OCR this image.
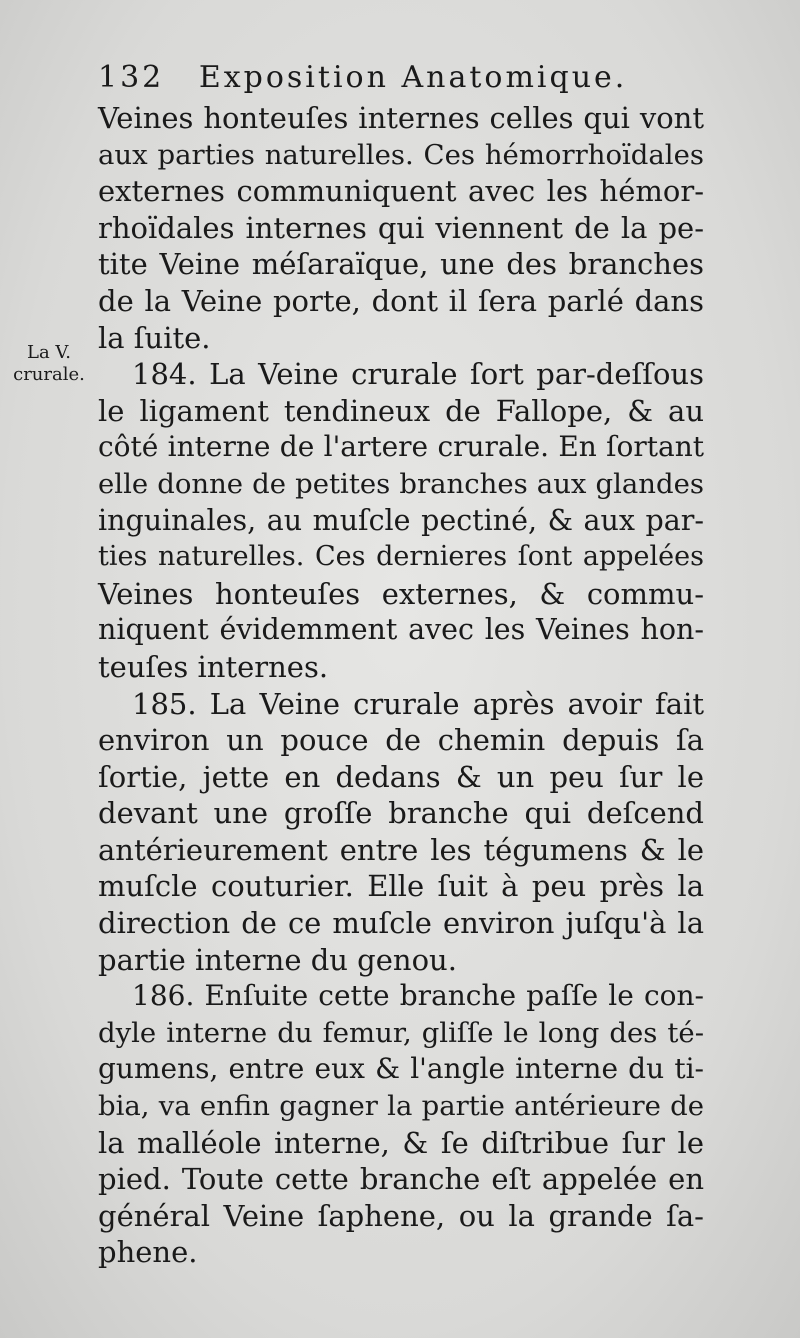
132 Exposition Anatomique.
La V.
crurale.
Veines honteuſes internes celles qui vont
aux parties naturelles. Ces hémorrhoïdales
externes communiquent avec les hémor-
rhoïdales internes qui viennent de la pe-
tite Veine méſaraïque, une des branches
de la Veine porte, dont il ſera parlé dans
la ſuite.
184. La Veine crurale ſort par-deſſous
le ligament tendineux de Fallope, & au
côté interne de l'artere crurale. En ſortant
elle donne de petites branches aux glandes
inguinales, au muſcle pectiné, & aux par-
ties naturelles. Ces dernieres ſont appelées
Veines honteuſes externes, & commu-
niquent évidemment avec les Veines hon-
teuſes internes.
185. La Veine crurale après avoir fait
environ un pouce de chemin depuis ſa
ſortie, jette en dedans & un peu ſur le
devant une groſſe branche qui deſcend
antérieurement entre les tégumens & le
muſcle couturier. Elle ſuit à peu près la
direction de ce muſcle environ juſqu'à la
partie interne du genou.
186. Enſuite cette branche paſſe le con-
dyle interne du femur, gliſſe le long des té-
gumens, entre eux & l'angle interne du ti-
bia, va enfin gagner la partie antérieure de
la malléole interne, & ſe diſtribue ſur le
pied. Toute cette branche eſt appelée en
général Veine ſaphene, ou la grande ſa-
phene.
